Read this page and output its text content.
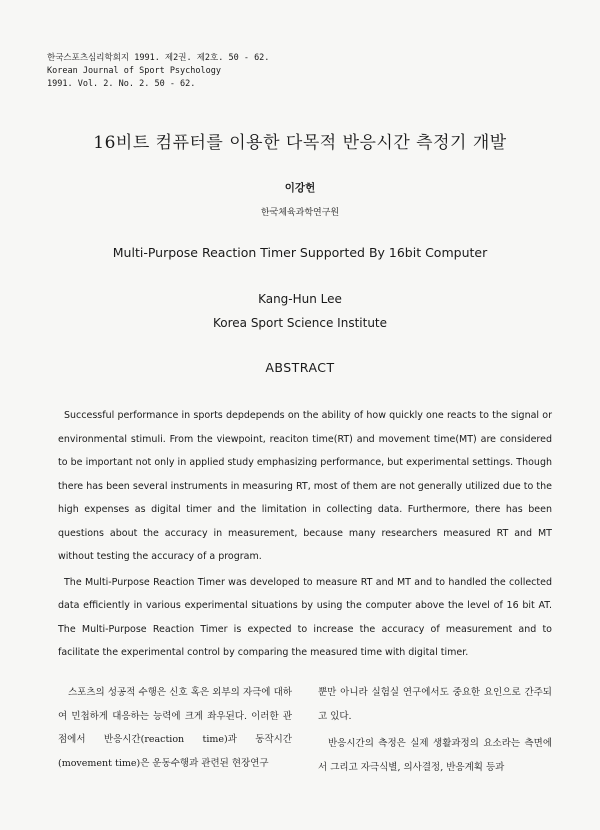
한국스포츠심리학회지 1991. 제2권. 제2호. 50 - 62.
Korean Journal of Sport Psychology
1991. Vol. 2. No. 2. 50 - 62.
16비트 컴퓨터를 이용한 다목적 반응시간 측정기 개발
이강헌
한국체육과학연구원
Multi-Purpose Reaction Timer Supported By 16bit Computer
Kang-Hun Lee
Korea Sport Science Institute
ABSTRACT

Successful performance in sports depdepends on the ability of how quickly one reacts to the signal or environmental stimuli. From the viewpoint, reaciton time(RT) and movement time(MT) are considered to be important not only in applied study emphasizing performance, but experimental settings. Though there has been several instruments in measuring RT, most of them are not generally utilized due to the high expenses as digital timer and the limitation in collecting data. Furthermore, there has been questions about the accuracy in measurement, because many researchers measured RT and MT without testing the accuracy of a program.

The Multi-Purpose Reaction Timer was developed to measure RT and MT and to handled the collected data efficiently in various experimental situations by using the computer above the level of 16 bit AT. The Multi-Purpose Reaction Timer is expected to increase the accuracy of measurement and to facilitate the experimental control by comparing the measured time with digital timer.

스포츠의 성공적 수행은 신호 혹은 외부의 자극에 대하여 민첩하게 대응하는 능력에 크게 좌우된다. 이러한 관점에서 반응시간(reaction time)과 동작시간(movement time)은 운동수행과 관련된 현장연구

뿐만 아니라 실험실 연구에서도 중요한 요인으로 간주되고 있다.

반응시간의 측정은 실제 생활과정의 요소라는 측면에서 그리고 자극식별, 의사결정, 반응계획 등과
